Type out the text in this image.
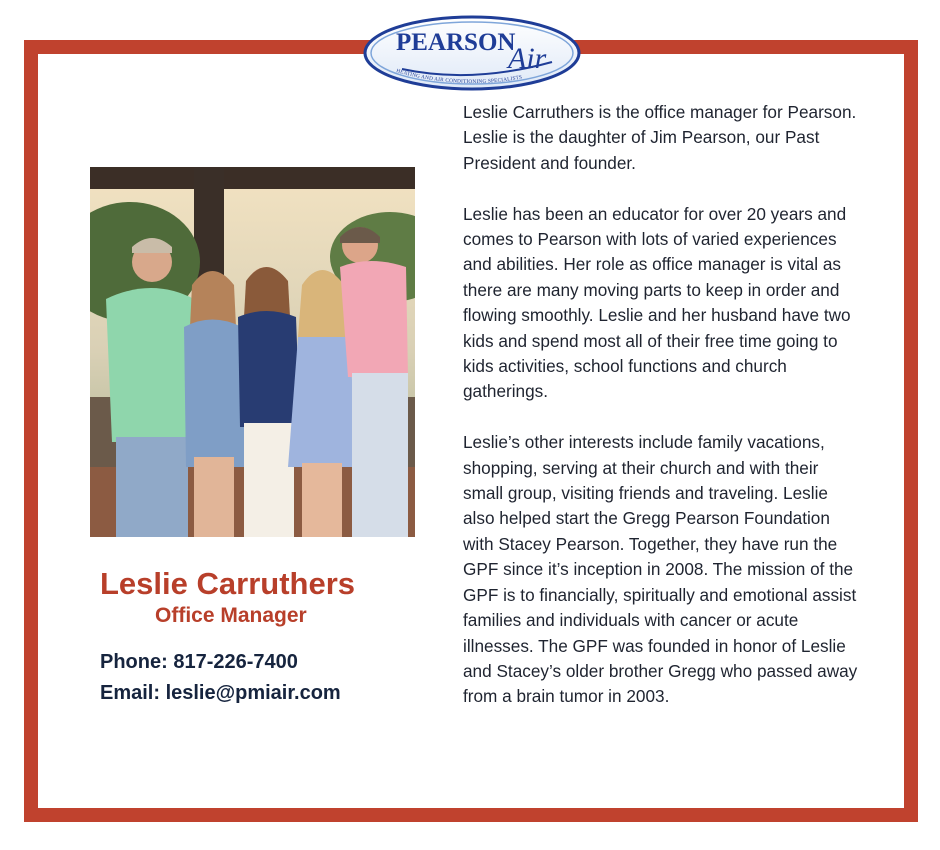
PEARSON
Air
HEATING AND AIR CONDITIONING SPECIALISTS
Leslie Carruthers
Office Manager
Phone: 817-226-7400
Email: leslie@pmiair.com

Leslie Carruthers is the office manager for Pearson. Leslie is the daughter of Jim Pearson, our Past President and founder.

Leslie has been an educator for over 20 years and comes to Pearson with lots of varied experiences and abilities. Her role as office manager is vital as there are many moving parts to keep in order and flowing smoothly. Leslie and her husband have two kids and spend most all of their free time going to kids activities, school functions and church gatherings.

Leslie’s other interests include family vacations, shopping, serving at their church and with their small group, visiting friends and traveling. Leslie also helped start the Gregg Pearson Foundation with Stacey Pearson. Together, they have run the GPF since it’s inception in 2008. The mission of the GPF is to financially, spiritually and emotional assist families and individuals with cancer or acute illnesses. The GPF was founded in honor of Leslie and Stacey’s older brother Gregg who passed away from a brain tumor in 2003.
